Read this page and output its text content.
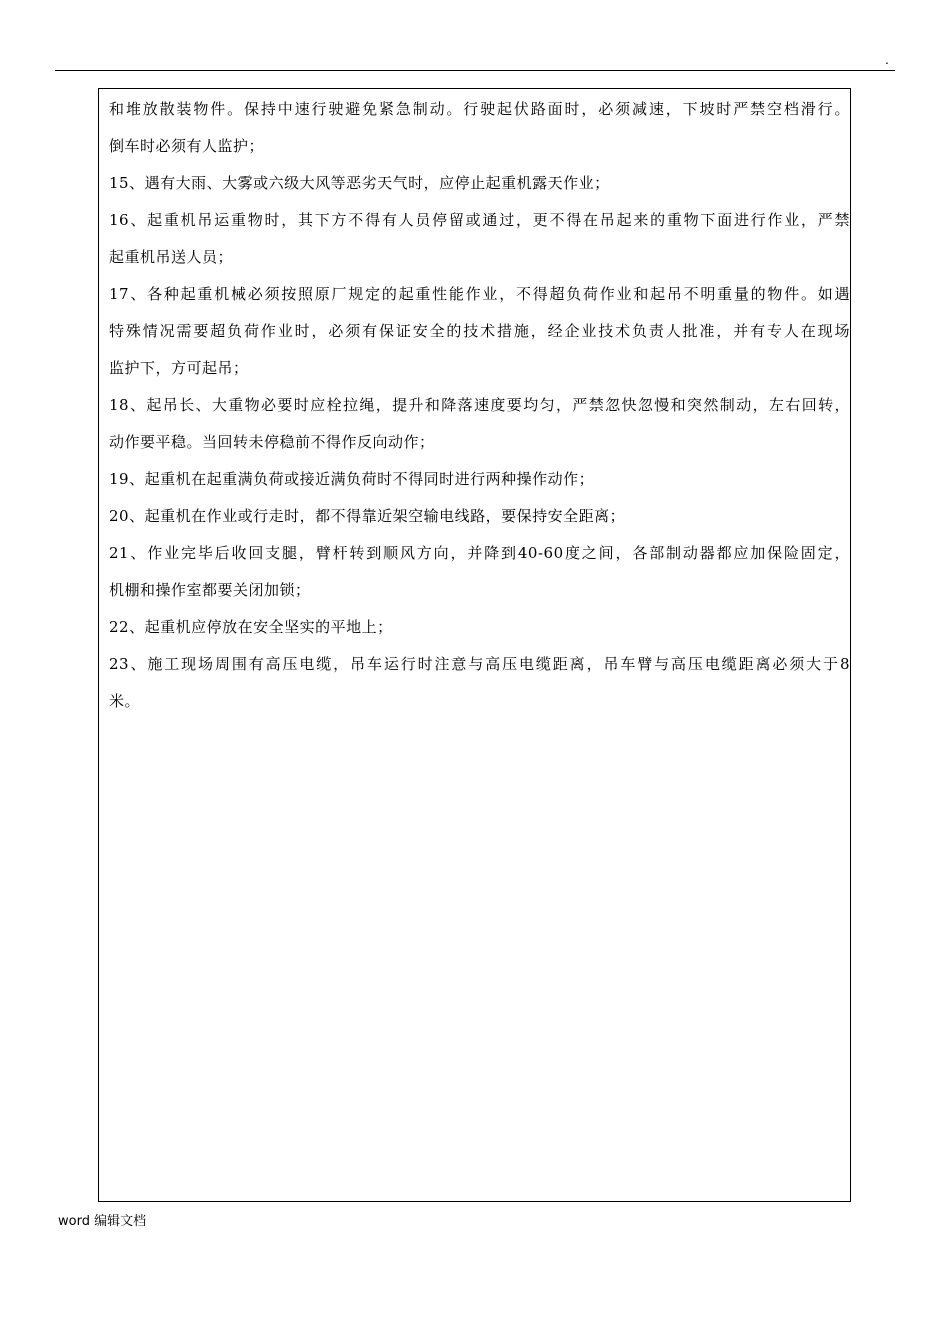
.

和堆放散装物件。保持中速行驶避免紧急制动。行驶起伏路面时，必须减速，下坡时严禁空档滑行。

倒车时必须有人监护；

15、遇有大雨、大雾或六级大风等恶劣天气时，应停止起重机露天作业；

16、起重机吊运重物时，其下方不得有人员停留或通过，更不得在吊起来的重物下面进行作业，严禁

起重机吊送人员；

17、各种起重机械必须按照原厂规定的起重性能作业，不得超负荷作业和起吊不明重量的物件。如遇

特殊情况需要超负荷作业时，必须有保证安全的技术措施，经企业技术负责人批准，并有专人在现场

监护下，方可起吊；

18、起吊长、大重物必要时应栓拉绳，提升和降落速度要均匀，严禁忽快忽慢和突然制动，左右回转，

动作要平稳。当回转未停稳前不得作反向动作；

19、起重机在起重满负荷或接近满负荷时不得同时进行两种操作动作；

20、起重机在作业或行走时，都不得靠近架空输电线路，要保持安全距离；

21、作业完毕后收回支腿，臂杆转到顺风方向，并降到40-60度之间，各部制动器都应加保险固定，

机棚和操作室都要关闭加锁；

22、起重机应停放在安全坚实的平地上；

23、施工现场周围有高压电缆，吊车运行时注意与高压电缆距离，吊车臂与高压电缆距离必须大于8

米。

word 编辑文档
